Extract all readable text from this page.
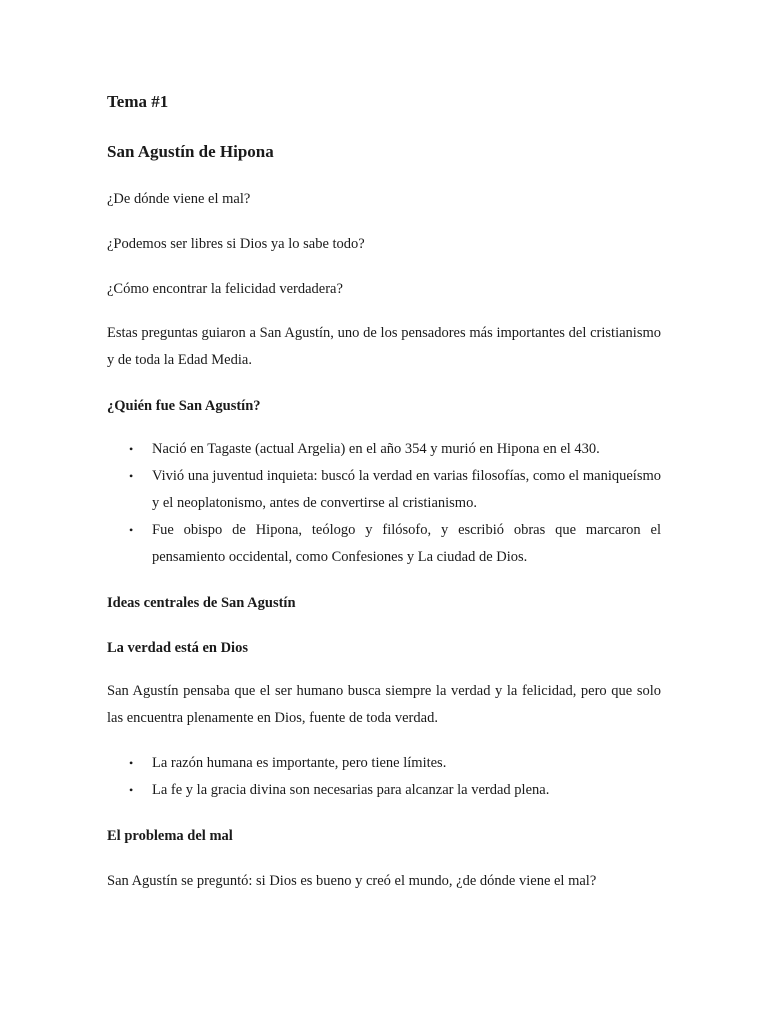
Tema #1
San Agustín de Hipona
¿De dónde viene el mal?
¿Podemos ser libres si Dios ya lo sabe todo?
¿Cómo encontrar la felicidad verdadera?
Estas preguntas guiaron a San Agustín, uno de los pensadores más importantes del cristianismo y de toda la Edad Media.
¿Quién fue San Agustín?
• Nació en Tagaste (actual Argelia) en el año 354 y murió en Hipona en el 430.
• Vivió una juventud inquieta: buscó la verdad en varias filosofías, como el maniqueísmo y el neoplatonismo, antes de convertirse al cristianismo.
• Fue obispo de Hipona, teólogo y filósofo, y escribió obras que marcaron el pensamiento occidental, como Confesiones y La ciudad de Dios.
Ideas centrales de San Agustín
La verdad está en Dios
San Agustín pensaba que el ser humano busca siempre la verdad y la felicidad, pero que solo las encuentra plenamente en Dios, fuente de toda verdad.
• La razón humana es importante, pero tiene límites.
• La fe y la gracia divina son necesarias para alcanzar la verdad plena.
El problema del mal
San Agustín se preguntó: si Dios es bueno y creó el mundo, ¿de dónde viene el mal?
